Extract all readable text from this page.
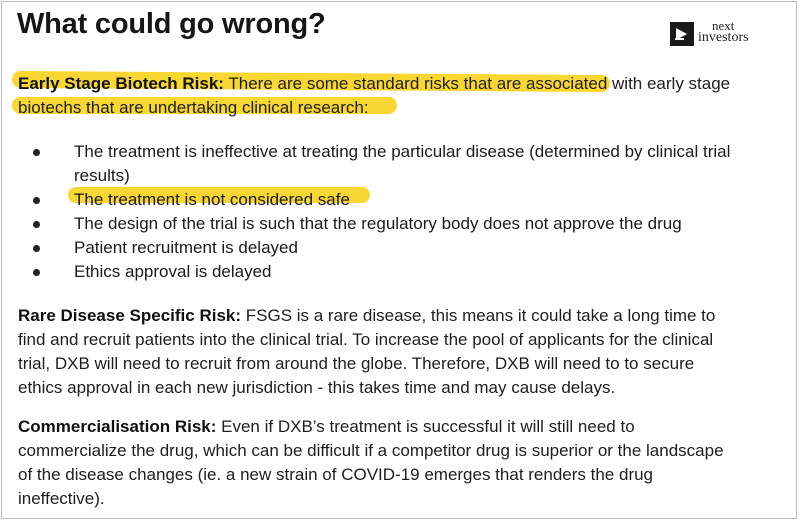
What could go wrong?	next
investors
Early Stage Biotech Risk: There are some standard risks that are associated with early stage
biotechs that are undertaking clinical research:
The treatment is ineffective at treating the particular disease (determined by clinical trial
results)
The treatment is not considered safe
The design of the trial is such that the regulatory body does not approve the drug
Patient recruitment is delayed
Ethics approval is delayed
Rare Disease Specific Risk: FSGS is a rare disease, this means it could take a long time to
find and recruit patients into the clinical trial. To increase the pool of applicants for the clinical
trial, DXB will need to recruit from around the globe. Therefore, DXB will need to to secure
ethics approval in each new jurisdiction - this takes time and may cause delays.
Commercialisation Risk: Even if DXB’s treatment is successful it will still need to
commercialize the drug, which can be difficult if a competitor drug is superior or the landscape
of the disease changes (ie. a new strain of COVID-19 emerges that renders the drug
ineffective).
